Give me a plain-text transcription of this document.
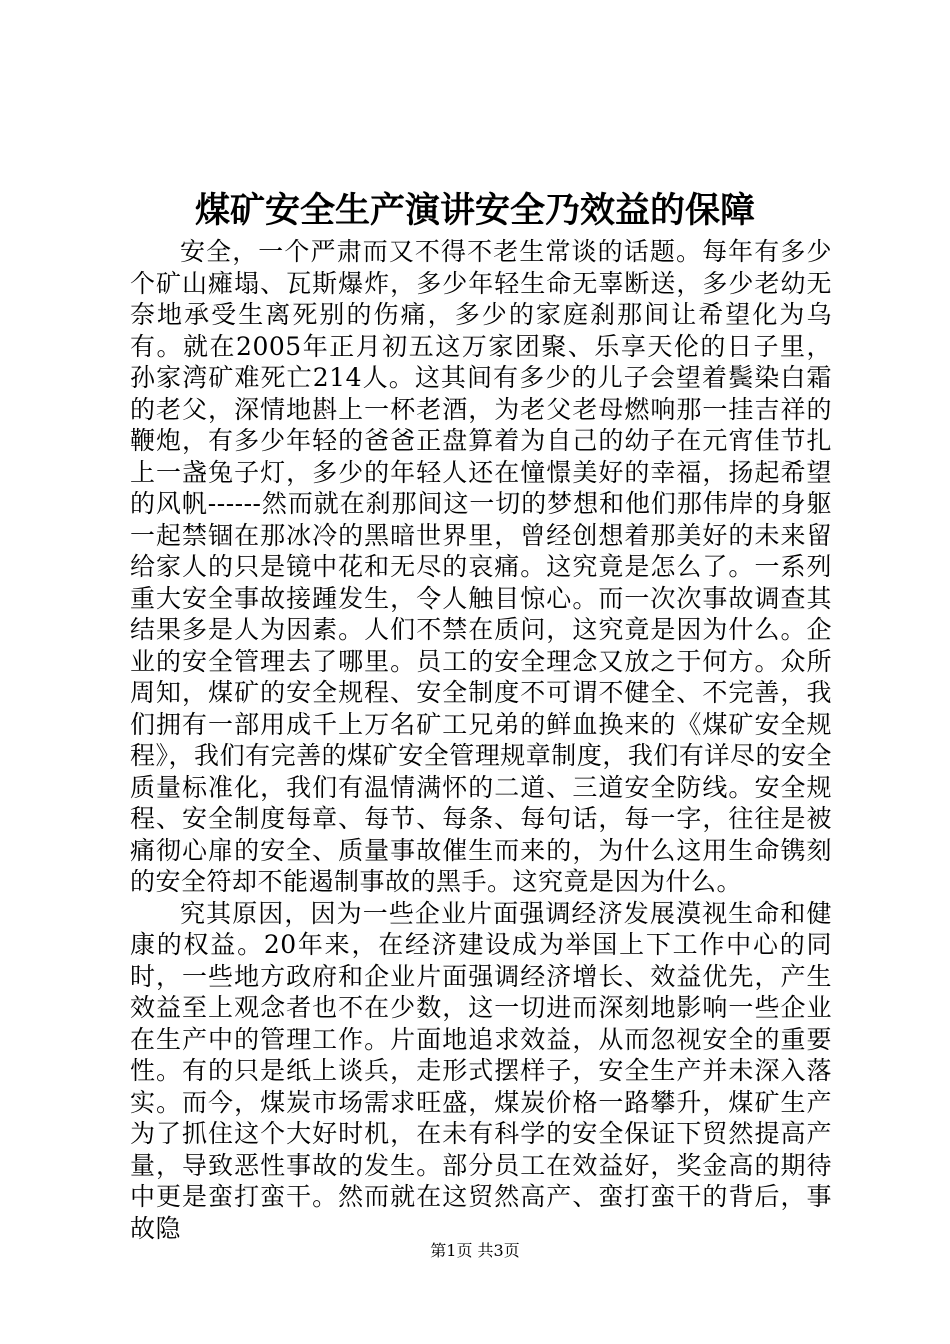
煤矿安全生产演讲安全乃效益的保障

安全，一个严肃而又不得不老生常谈的话题。每年有多少个矿山瘫塌、瓦斯爆炸，多少年轻生命无辜断送，多少老幼无奈地承受生离死别的伤痛，多少的家庭刹那间让希望化为乌有。就在2005年正月初五这万家团聚、乐享天伦的日子里，孙家湾矿难死亡214人。这其间有多少的儿子会望着鬓染白霜的老父，深情地斟上一杯老酒，为老父老母燃响那一挂吉祥的鞭炮，有多少年轻的爸爸正盘算着为自己的幼子在元宵佳节扎上一盏兔子灯，多少的年轻人还在憧憬美好的幸福，扬起希望的风帆------然而就在刹那间这一切的梦想和他们那伟岸的身躯一起禁锢在那冰冷的黑暗世界里，曾经创想着那美好的未来留给家人的只是镜中花和无尽的哀痛。这究竟是怎么了。一系列重大安全事故接踵发生，令人触目惊心。而一次次事故调查其结果多是人为因素。人们不禁在质问，这究竟是因为什么。企业的安全管理去了哪里。员工的安全理念又放之于何方。众所周知，煤矿的安全规程、安全制度不可谓不健全、不完善，我们拥有一部用成千上万名矿工兄弟的鲜血换来的《煤矿安全规程》，我们有完善的煤矿安全管理规章制度，我们有详尽的安全质量标准化，我们有温情满怀的二道、三道安全防线。安全规程、安全制度每章、每节、每条、每句话，每一字，往往是被痛彻心扉的安全、质量事故催生而来的，为什么这用生命镌刻的安全符却不能遏制事故的黑手。这究竟是因为什么。

究其原因，因为一些企业片面强调经济发展漠视生命和健康的权益。20年来，在经济建设成为举国上下工作中心的同时，一些地方政府和企业片面强调经济增长、效益优先，产生效益至上观念者也不在少数，这一切进而深刻地影响一些企业在生产中的管理工作。片面地追求效益，从而忽视安全的重要性。有的只是纸上谈兵，走形式摆样子，安全生产并未深入落实。而今，煤炭市场需求旺盛，煤炭价格一路攀升，煤矿生产为了抓住这个大好时机，在未有科学的安全保证下贸然提高产量，导致恶性事故的发生。部分员工在效益好，奖金高的期待中更是蛮打蛮干。然而就在这贸然高产、蛮打蛮干的背后，事故隐

第1页 共3页
